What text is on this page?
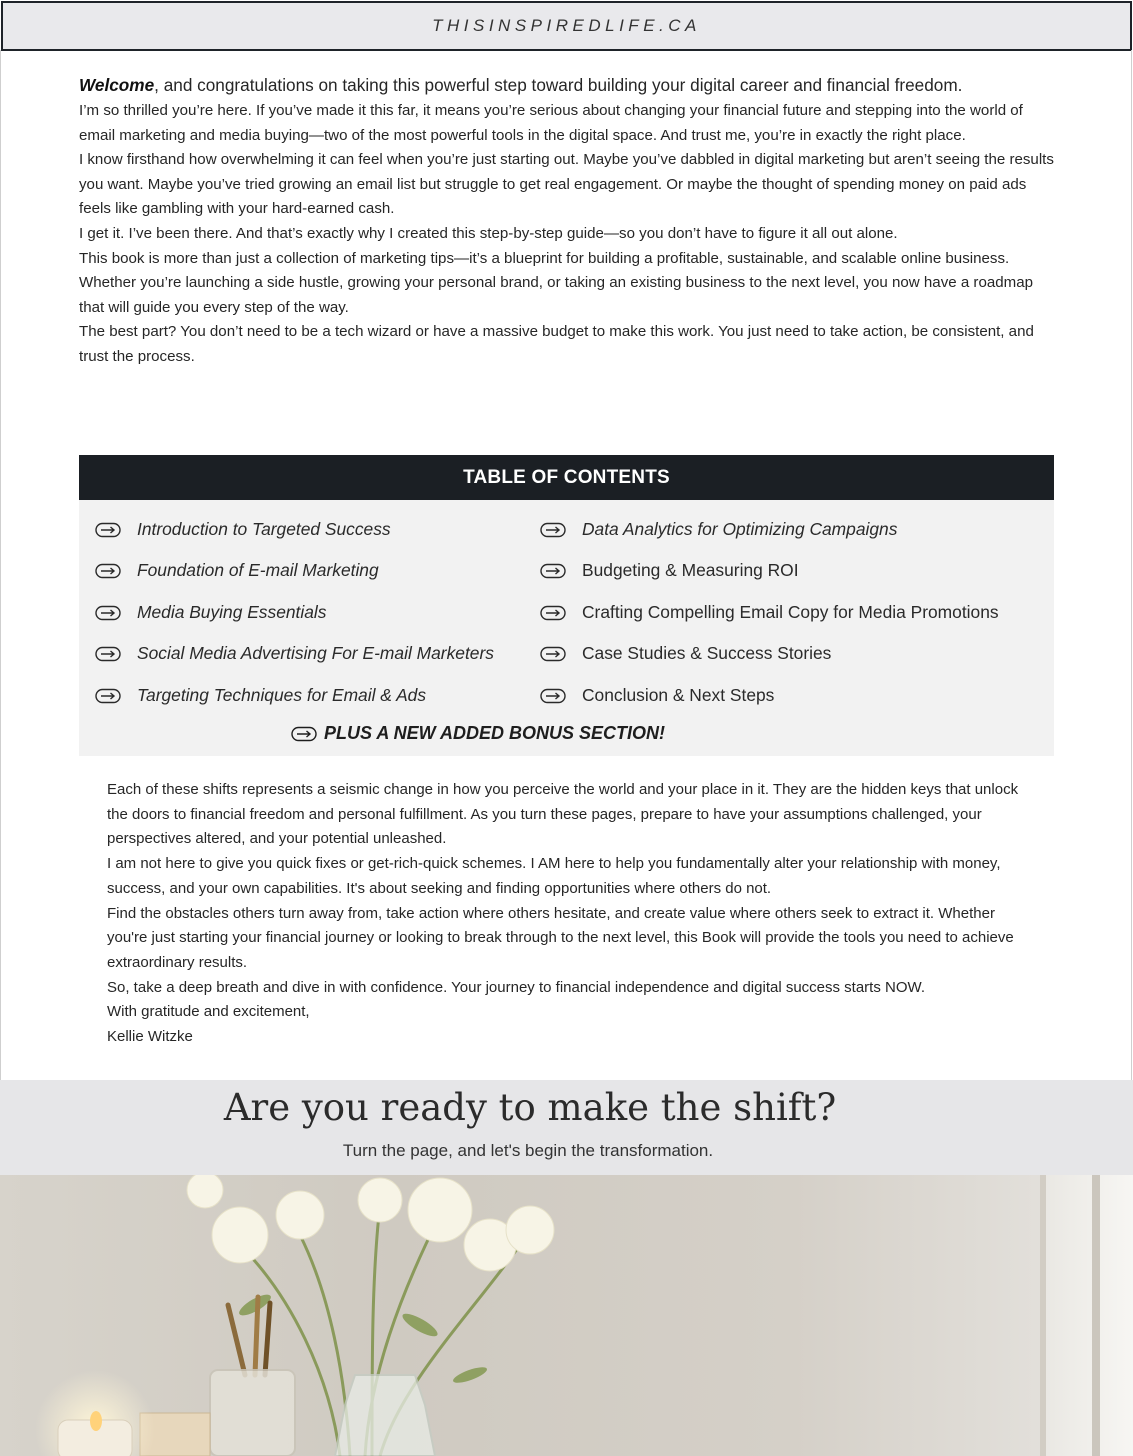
THISINSPIREDLIFE.CA

Welcome, and congratulations on taking this powerful step toward building your digital career and financial freedom.

I’m so thrilled you’re here. If you’ve made it this far, it means you’re serious about changing your financial future and stepping into the world of email marketing and media buying—two of the most powerful tools in the digital space. And trust me, you’re in exactly the right place.

I know firsthand how overwhelming it can feel when you’re just starting out. Maybe you’ve dabbled in digital marketing but aren’t seeing the results you want. Maybe you’ve tried growing an email list but struggle to get real engagement. Or maybe the thought of spending money on paid ads feels like gambling with your hard-earned cash.

I get it. I’ve been there. And that’s exactly why I created this step-by-step guide—so you don’t have to figure it all out alone.

This book is more than just a collection of marketing tips—it’s a blueprint for building a profitable, sustainable, and scalable online business. Whether you’re launching a side hustle, growing your personal brand, or taking an existing business to the next level, you now have a roadmap that will guide you every step of the way.

The best part? You don’t need to be a tech wizard or have a massive budget to make this work. You just need to take action, be consistent, and trust the process.

TABLE OF CONTENTS
Introduction to Targeted Success
Foundation of E-mail Marketing
Media Buying Essentials
Social Media Advertising For E-mail Marketers
Targeting Techniques for Email & Ads
Data Analytics for Optimizing Campaigns
Budgeting & Measuring ROI
Crafting Compelling Email Copy for Media Promotions
Case Studies & Success Stories
Conclusion & Next Steps
PLUS A NEW ADDED BONUS SECTION!

Each of these shifts represents a seismic change in how you perceive the world and your place in it. They are the hidden keys that unlock the doors to financial freedom and personal fulfillment. As you turn these pages, prepare to have your assumptions challenged, your perspectives altered, and your potential unleashed.

I am not here to give you quick fixes or get-rich-quick schemes. I AM here to help you fundamentally alter your relationship with money, success, and your own capabilities. It's about seeking and finding opportunities where others do not.

Find the obstacles others turn away from, take action where others hesitate, and create value where others seek to extract it. Whether you're just starting your financial journey or looking to break through to the next level, this Book will provide the tools you need to achieve extraordinary results.

So, take a deep breath and dive in with confidence. Your journey to financial independence and digital success starts NOW.

With gratitude and excitement,

Kellie Witzke

Are you ready to make the shift?
Turn the page, and let's begin the transformation.
